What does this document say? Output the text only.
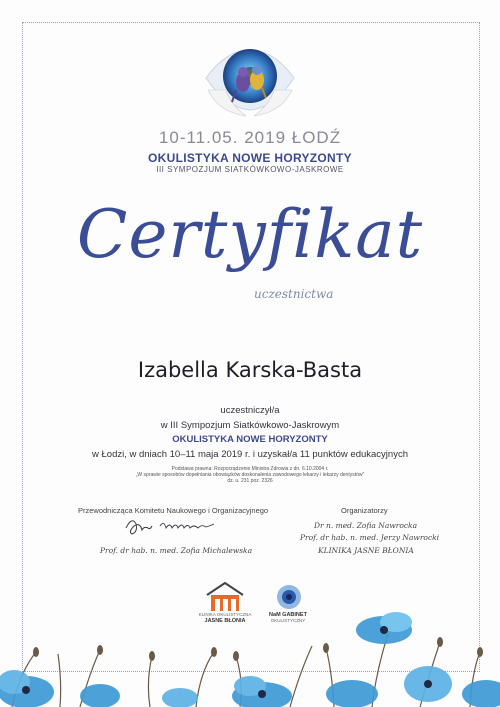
10-11.05. 2019 ŁODŹ
OKULISTYKA NOWE HORYZONTY
III SYMPOZJUM SIATKÓWKOWO-JASKROWE
Certyfikat
uczestnictwa
Izabella Karska-Basta
uczestniczył/a
w III Sympozjum Siatkówkowo-Jaskrowym
OKULISTYKA NOWE HORYZONTY
w Łodzi, w dniach 10–11 maja 2019 r. i uzyskał/a 11 punktów edukacyjnych
Podstawa prawna: Rozporządzenie Ministra Zdrowia z dn. 6.10.2004 r.
„W sprawie sposobów dopełniania obowiązków doskonalenia zawodowego lekarzy i lekarzy dentystów"
dz. u. 231 poz. 2326
Przewodnicząca Komitetu Naukowego i Organizacyjnego
Prof. dr hab. n. med. Zofia Michalewska
Organizatorzy
Dr n. med. Zofia Nawrocka
Prof. dr hab. n. med. Jerzy Nawrocki
KLINIKA JASNE BŁONIA
KLINIKA OKULISTYCZNA
JASNE BŁONIA
NaM GABINET
OKULISTYCZNY
